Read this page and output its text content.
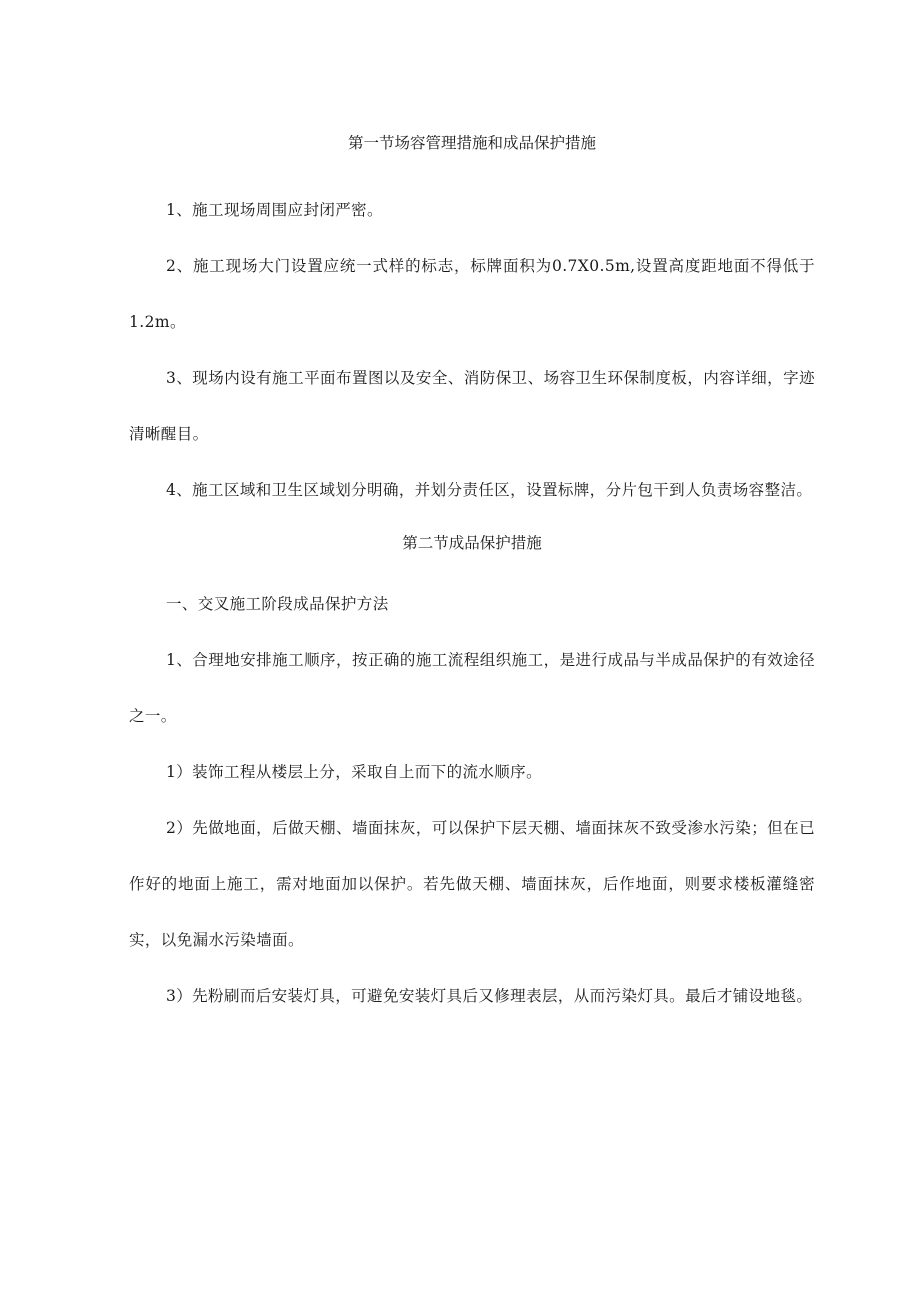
第一节场容管理措施和成品保护措施

1、施工现场周围应封闭严密。

2、施工现场大门设置应统一式样的标志，标牌面积为0.7X0.5m,设置高度距地面不得低于1.2m。

3、现场内设有施工平面布置图以及安全、消防保卫、场容卫生环保制度板，内容详细，字迹清晰醒目。

4、施工区域和卫生区域划分明确，并划分责任区，设置标牌，分片包干到人负责场容整洁。

第二节成品保护措施

一、交叉施工阶段成品保护方法

1、合理地安排施工顺序，按正确的施工流程组织施工，是进行成品与半成品保护的有效途径之一。

1）装饰工程从楼层上分，采取自上而下的流水顺序。

2）先做地面，后做天棚、墙面抹灰，可以保护下层天棚、墙面抹灰不致受渗水污染；但在已作好的地面上施工，需对地面加以保护。若先做天棚、墙面抹灰，后作地面，则要求楼板灌缝密实，以免漏水污染墙面。

3）先粉刷而后安装灯具，可避免安装灯具后又修理表层，从而污染灯具。最后才铺设地毯。
